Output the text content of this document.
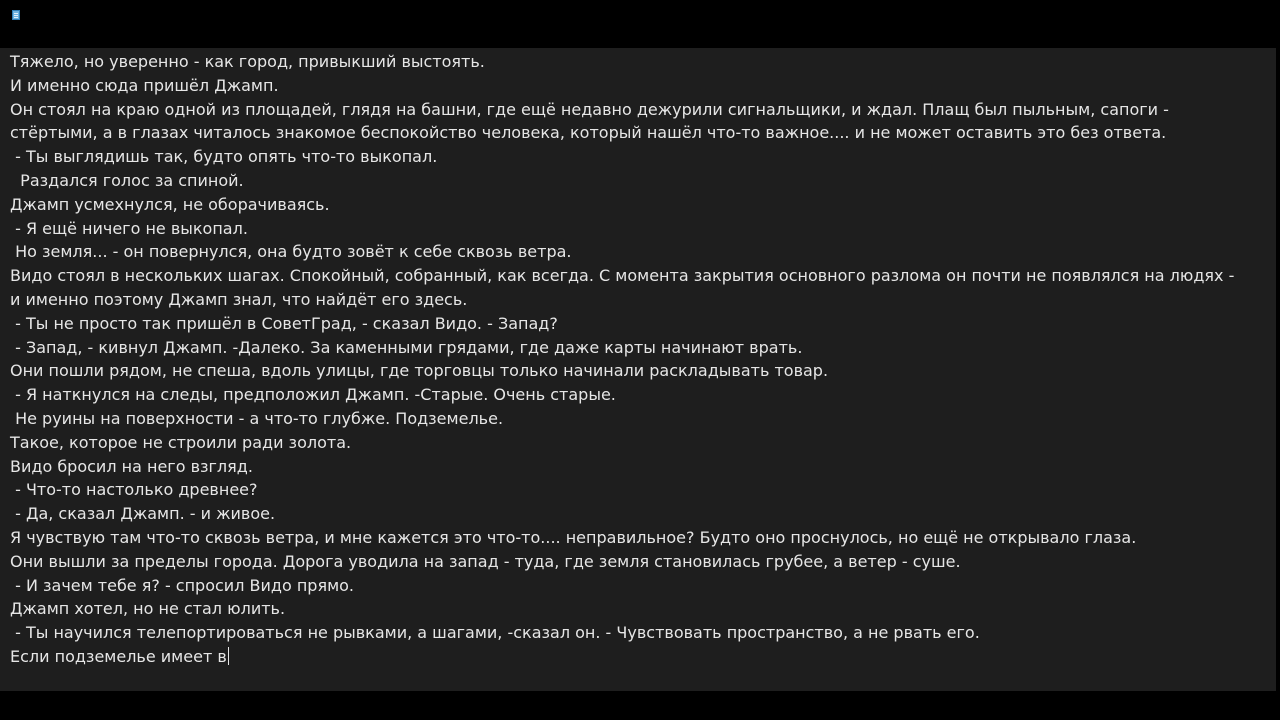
Тяжело, но уверенно - как город, привыкший выстоять.

И именно сюда пришёл Джамп.

Он стоял на краю одной из площадей, глядя на башни, где ещё недавно дежурили сигнальщики, и ждал. Плащ был пыльным, сапоги - стёртыми, а в глазах читалось знакомое беспокойство человека, который нашёл что-то важное.... и не может оставить это без ответа.

- Ты выглядишь так, будто опять что-то выкопал.

Раздался голос за спиной.

Джамп усмехнулся, не оборачиваясь.

- Я ещё ничего не выкопал.

Но земля... - он повернулся, она будто зовёт к себе сквозь ветра.

Видо стоял в нескольких шагах. Спокойный, собранный, как всегда. С момента закрытия основного разлома он почти не появлялся на людях - и именно поэтому Джамп знал, что найдёт его здесь.

- Ты не просто так пришёл в СоветГрад, - сказал Видо. - Запад?

- Запад, - кивнул Джамп. -Далеко. За каменными грядами, где даже карты начинают врать.

Они пошли рядом, не спеша, вдоль улицы, где торговцы только начинали раскладывать товар.

- Я наткнулся на следы, предположил Джамп. -Старые. Очень старые.

Не руины на поверхности - а что-то глубже. Подземелье.

Такое, которое не строили ради золота.

Видо бросил на него взгляд.

- Что-то настолько древнее?

- Да, сказал Джамп. - и живое.

Я чувствую там что-то сквозь ветра, и мне кажется это что-то.... неправильное? Будто оно проснулось, но ещё не открывало глаза.

Они вышли за пределы города. Дорога уводила на запад - туда, где земля становилась грубее, а ветер - суше.

- И зачем тебе я? - спросил Видо прямо.

Джамп хотел, но не стал юлить.

- Ты научился телепортироваться не рывками, а шагами, -сказал он. - Чувствовать пространство, а не рвать его.

Если подземелье имеет в
